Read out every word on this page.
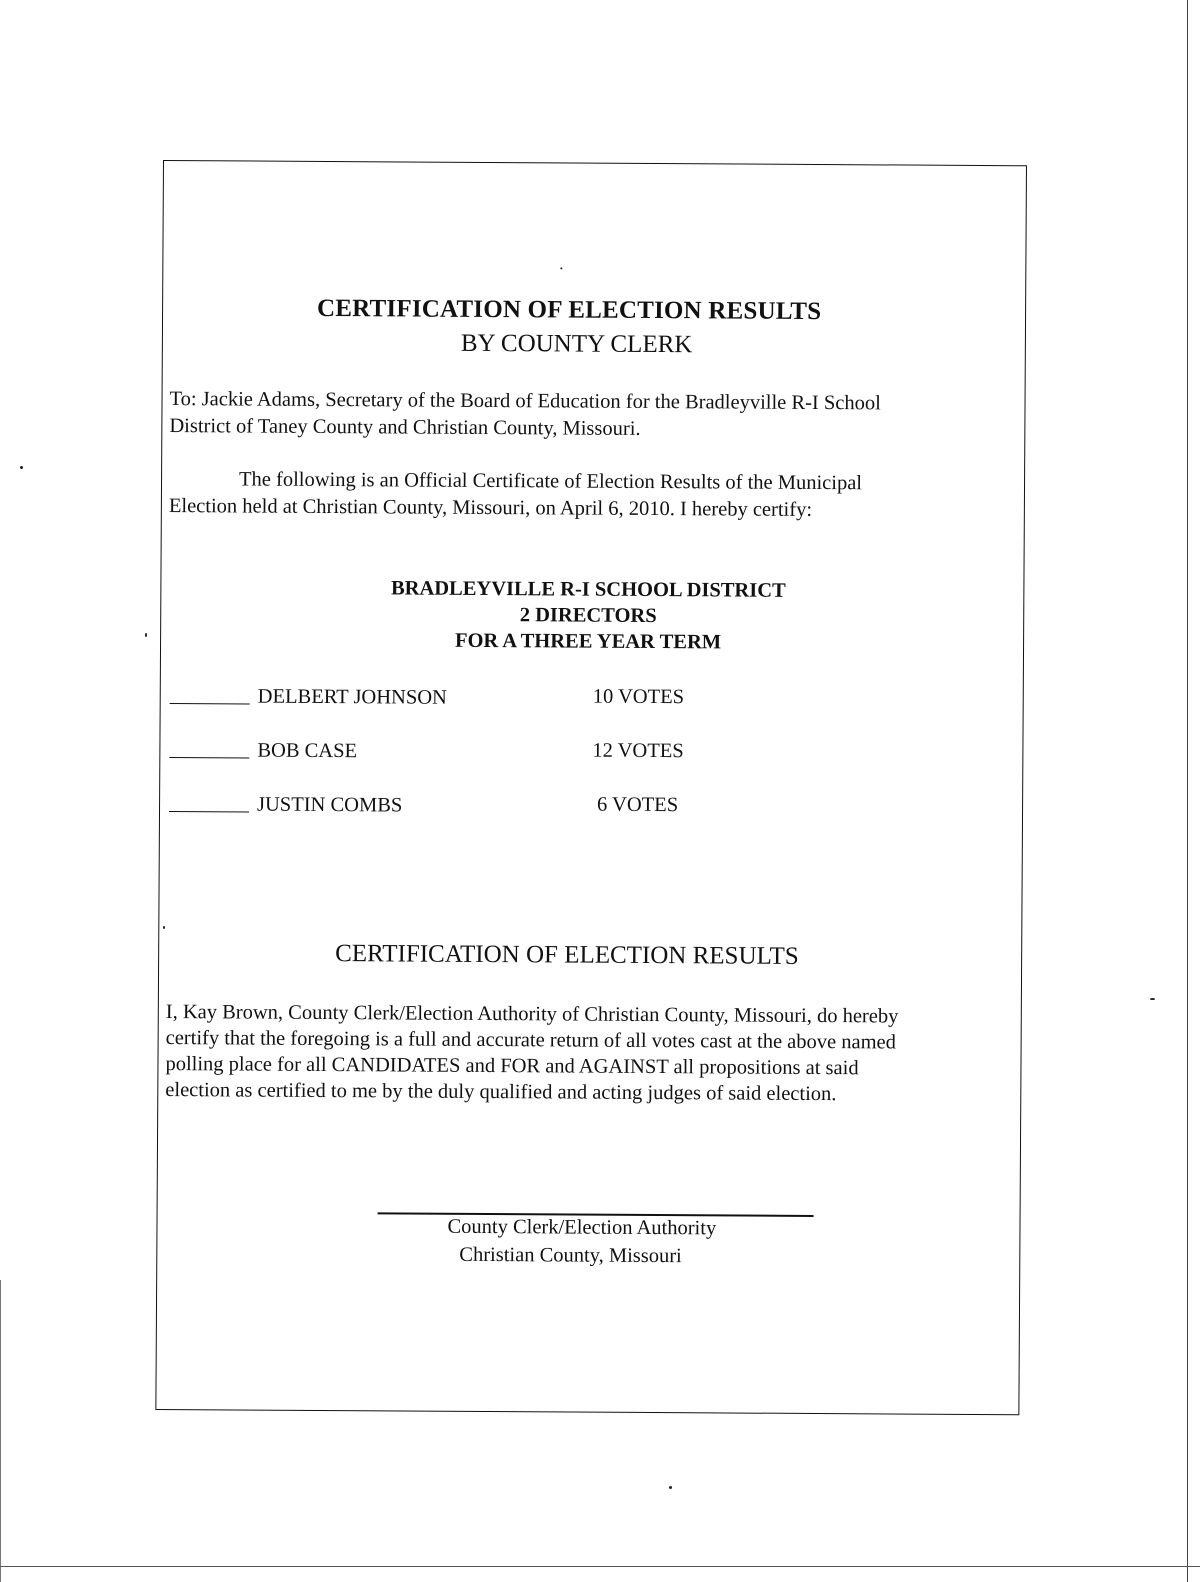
CERTIFICATION OF ELECTION RESULTS
BY COUNTY CLERK
To: Jackie Adams, Secretary of the Board of Education for the Bradleyville R-I School
District of Taney County and Christian County, Missouri.
The following is an Official Certificate of Election Results of the Municipal
Election held at Christian County, Missouri, on April 6, 2010. I hereby certify:
BRADLEYVILLE R-I SCHOOL DISTRICT
2 DIRECTORS
FOR A THREE YEAR TERM
DELBERT JOHNSON	10 VOTES
BOB CASE	12 VOTES
JUSTIN COMBS	6 VOTES
CERTIFICATION OF ELECTION RESULTS
I, Kay Brown, County Clerk/Election Authority of Christian County, Missouri, do hereby
certify that the foregoing is a full and accurate return of all votes cast at the above named
polling place for all CANDIDATES and FOR and AGAINST all propositions at said
election as certified to me by the duly qualified and acting judges of said election.
County Clerk/Election Authority
Christian County, Missouri
